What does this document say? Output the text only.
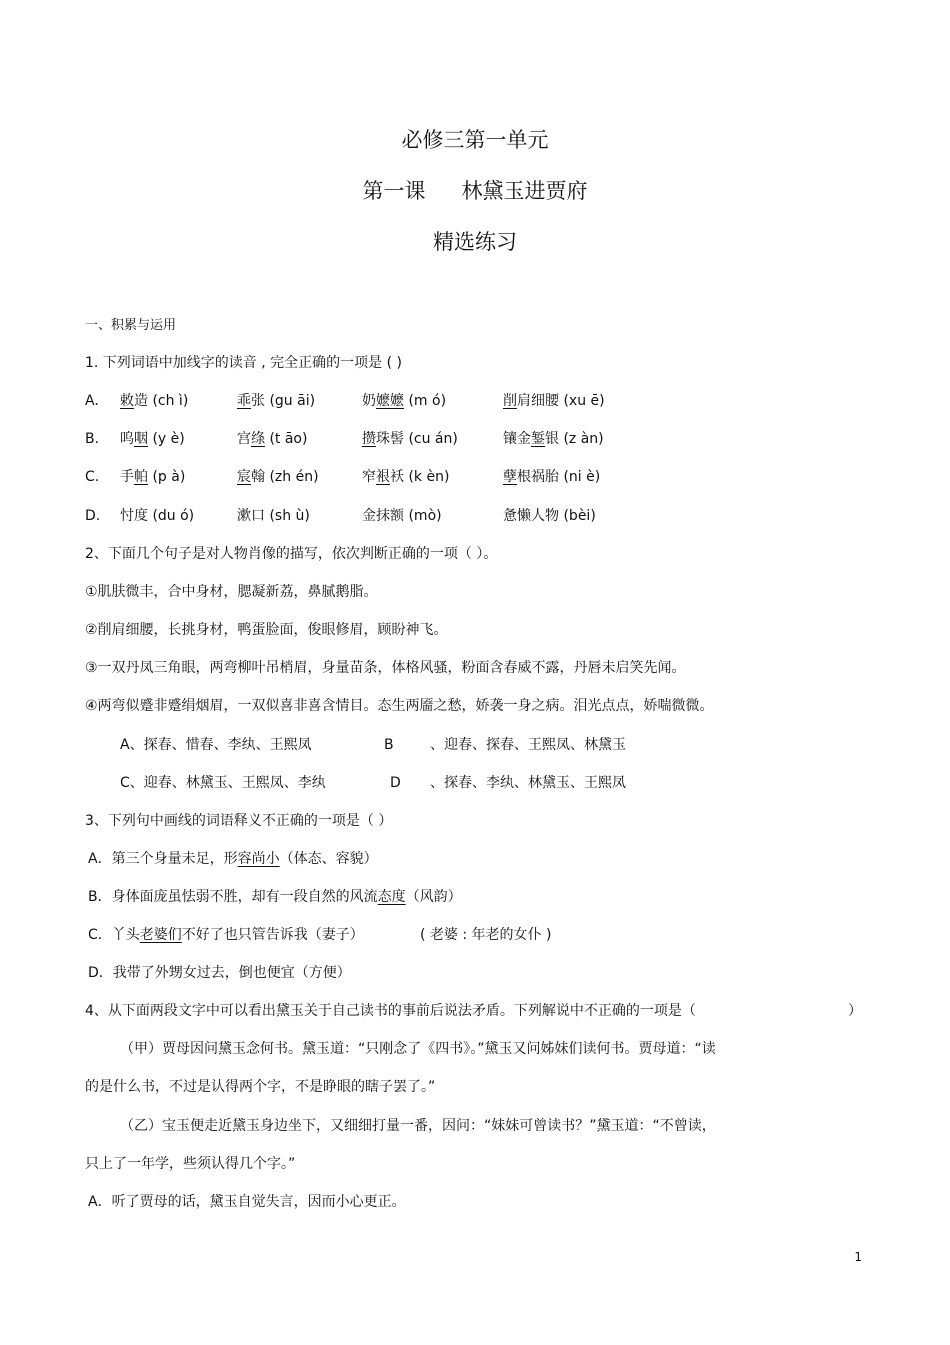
必修三第一单元
第一课 林黛玉进贾府
精选练习
一、积累与运用
1. 下列词语中加线字的读音 , 完全正确的一项是 ( )
A. 敕造 (ch ì)	乖张 (gu āi)	奶嬷嬷 (m ó)	削肩细腰 (xu ē)
B. 呜咽 (y è)	宫绦 (t āo)	攒珠髻 (cu án)	镶金錾银 (z àn)
C. 手帕 (p à)	宸翰 (zh én)	窄裉袄 (k èn)	孽根祸胎 (ni è)
D. 忖度 (du ó)	漱口 (sh ù)	金抹额 (mò)	惫懒人物 (bèi)
2、下面几个句子是对人物肖像的描写，依次判断正确的一项（ ）。
①肌肤微丰，合中身材，腮凝新荔，鼻腻鹅脂。
②削肩细腰，长挑身材，鸭蛋脸面，俊眼修眉，顾盼神飞。
③一双丹凤三角眼，两弯柳叶吊梢眉，身量苗条，体格风骚，粉面含春威不露，丹唇未启笑先闻。
④两弯似蹙非蹙绢烟眉，一双似喜非喜含情目。态生两靥之愁，娇袭一身之病。泪光点点，娇喘微微。
A、探春、惜春、李纨、王熙凤	B	、迎春、探春、王熙凤、林黛玉
C、迎春、林黛玉、王熙凤、李纨	D 、探春、李纨、林黛玉、王熙凤
3、下列句中画线的词语释义不正确的一项是（ ）
A．第三个身量未足，形容尚小（体态、容貌）
B．身体面庞虽怯弱不胜，却有一段自然的风流态度（风韵）
C．丫头老婆们不好了也只管告诉我（妻子）	( 老婆 : 年老的女仆 )
D．我带了外甥女过去，倒也便宜（方便）
4、从下面两段文字中可以看出黛玉关于自己读书的事前后说法矛盾。下列解说中不正确的一项是（	）
（甲）贾母因问黛玉念何书。黛玉道：“只刚念了《四书》。”黛玉又问姊妹们读何书。贾母道：“读
的是什么书，不过是认得两个字，不是睁眼的瞎子罢了。”
（乙）宝玉便走近黛玉身边坐下，又细细打量一番，因问：“妹妹可曾读书？”黛玉道：“不曾读，
只上了一年学，些须认得几个字。”
A．听了贾母的话，黛玉自觉失言，因而小心更正。
1
